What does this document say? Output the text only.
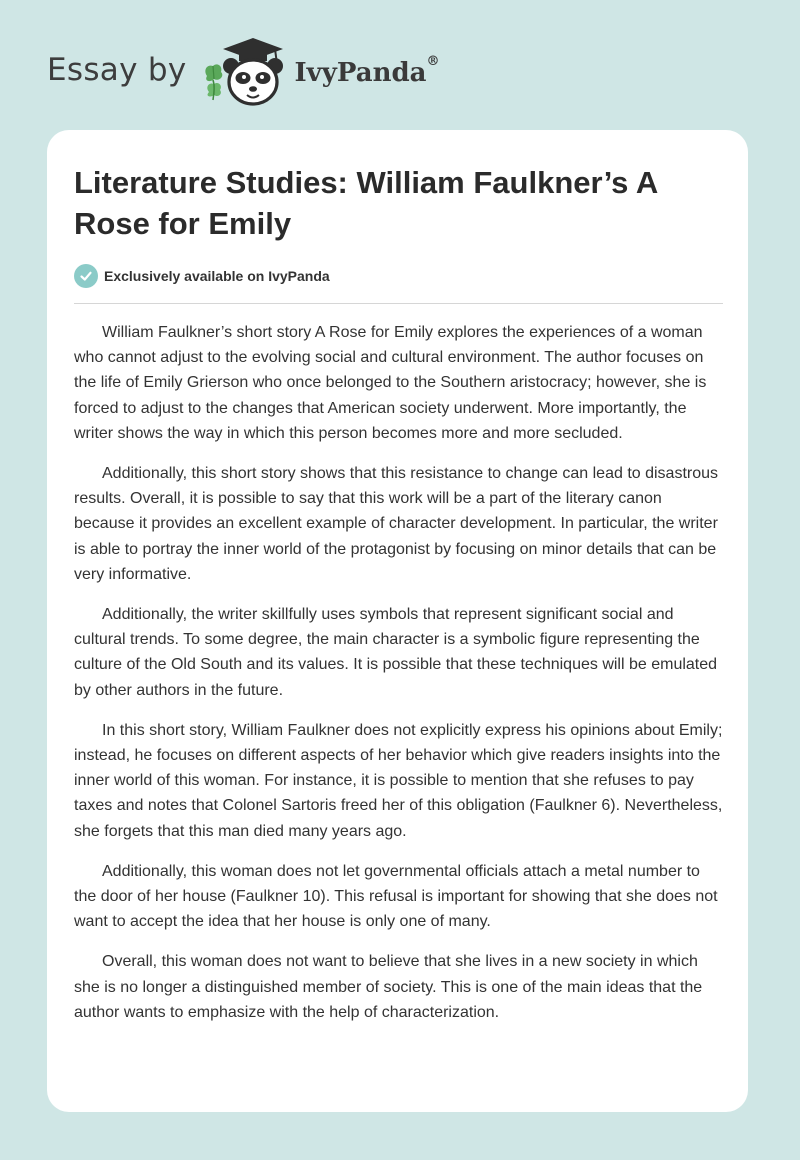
Essay by	IvyPanda®
Literature Studies: William Faulkner’s A Rose for Emily
Exclusively available on IvyPanda

William Faulkner’s short story A Rose for Emily explores the experiences of a woman who cannot adjust to the evolving social and cultural environment. The author focuses on the life of Emily Grierson who once belonged to the Southern aristocracy; however, she is forced to adjust to the changes that American society underwent. More importantly, the writer shows the way in which this person becomes more and more secluded.

Additionally, this short story shows that this resistance to change can lead to disastrous results. Overall, it is possible to say that this work will be a part of the literary canon because it provides an excellent example of character development. In particular, the writer is able to portray the inner world of the protagonist by focusing on minor details that can be very informative.

Additionally, the writer skillfully uses symbols that represent significant social and cultural trends. To some degree, the main character is a symbolic figure representing the culture of the Old South and its values. It is possible that these techniques will be emulated by other authors in the future.

In this short story, William Faulkner does not explicitly express his opinions about Emily; instead, he focuses on different aspects of her behavior which give readers insights into the inner world of this woman. For instance, it is possible to mention that she refuses to pay taxes and notes that Colonel Sartoris freed her of this obligation (Faulkner 6). Nevertheless, she forgets that this man died many years ago.

Additionally, this woman does not let governmental officials attach a metal number to the door of her house (Faulkner 10). This refusal is important for showing that she does not want to accept the idea that her house is only one of many.

Overall, this woman does not want to believe that she lives in a new society in which she is no longer a distinguished member of society. This is one of the main ideas that the author wants to emphasize with the help of characterization.
